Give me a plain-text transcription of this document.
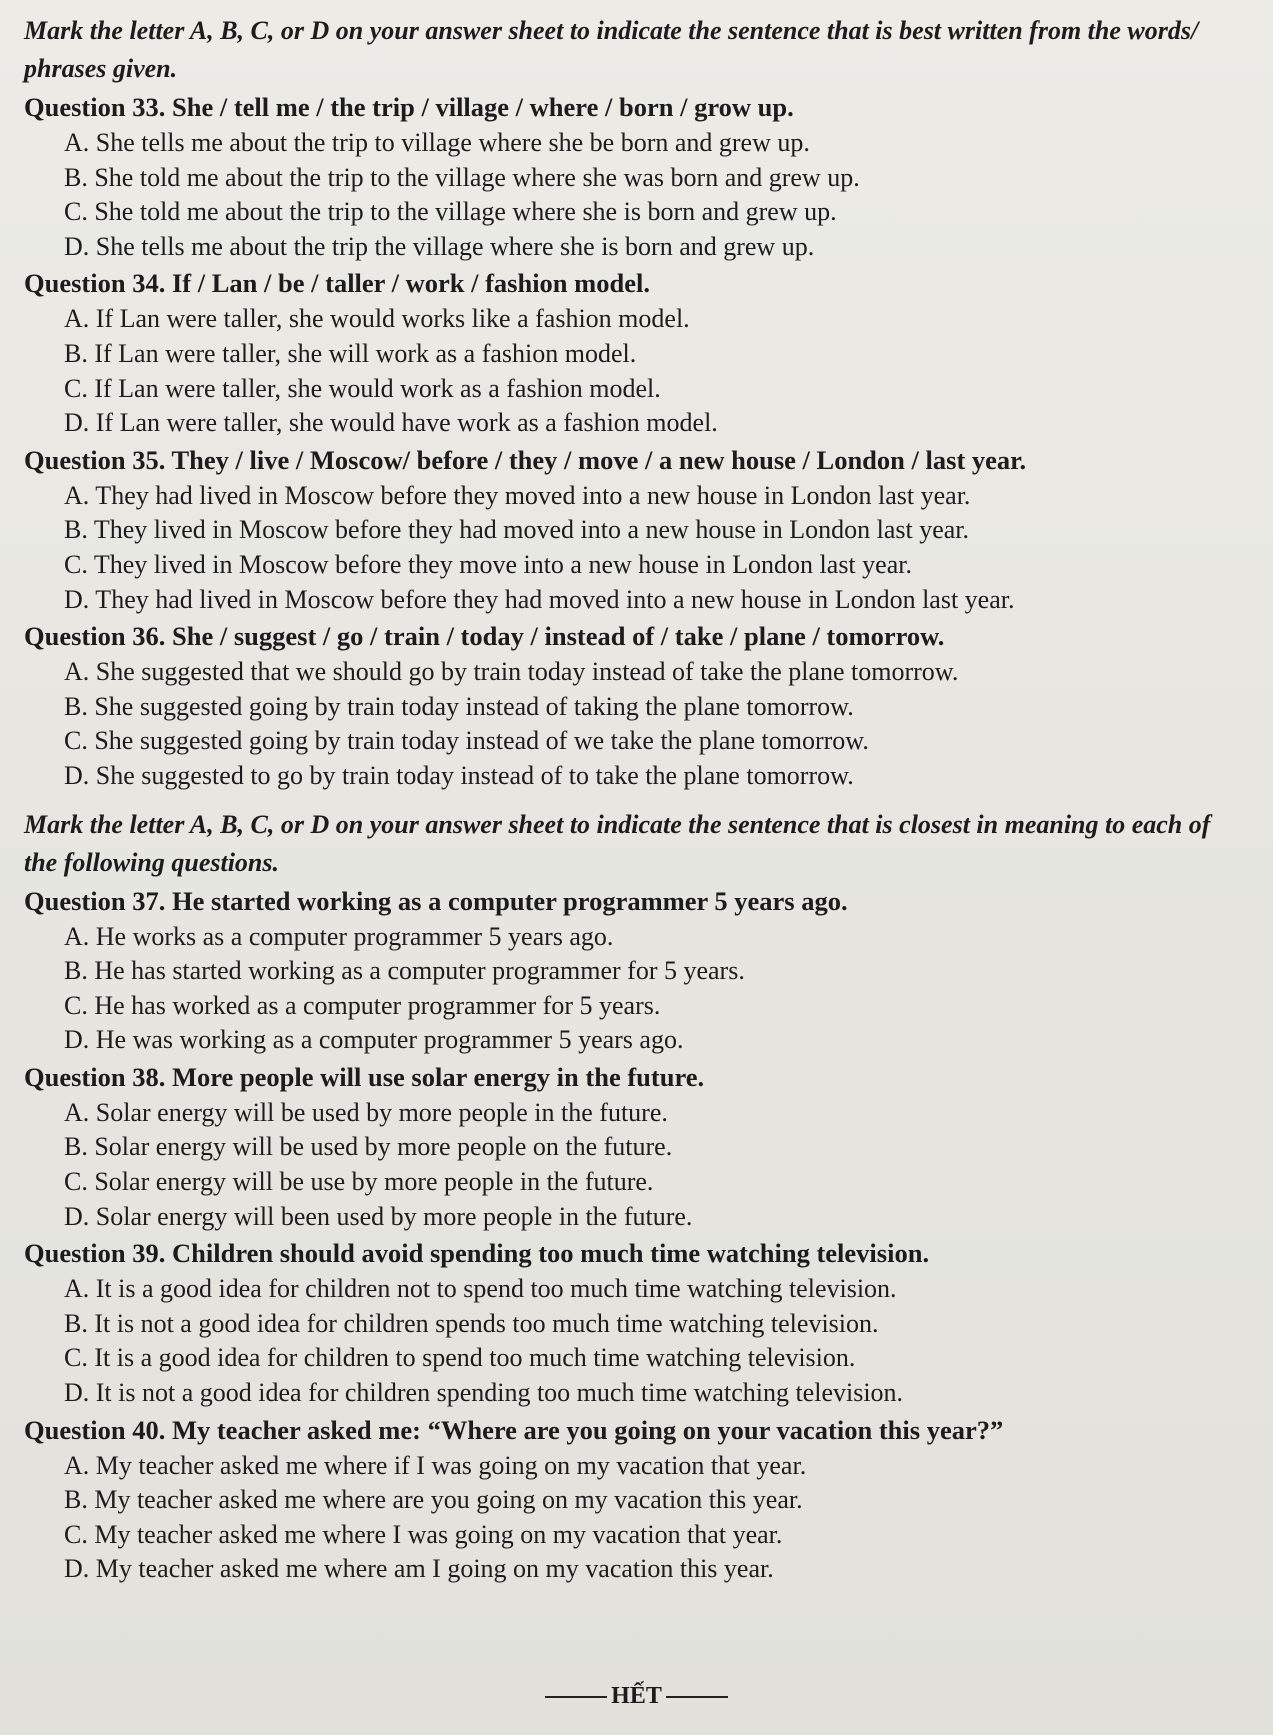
Mark the letter A, B, C, or D on your answer sheet to indicate the sentence that is best written from the words/ phrases given.

Question 33. She / tell me / the trip / village / where / born / grow up.

A. She tells me about the trip to village where she be born and grew up.

B. She told me about the trip to the village where she was born and grew up.

C. She told me about the trip to the village where she is born and grew up.

D. She tells me about the trip the village where she is born and grew up.

Question 34. If / Lan / be / taller / work / fashion model.

A. If Lan were taller, she would works like a fashion model.

B. If Lan were taller, she will work as a fashion model.

C. If Lan were taller, she would work as a fashion model.

D. If Lan were taller, she would have work as a fashion model.

Question 35. They / live / Moscow/ before / they / move / a new house / London / last year.

A. They had lived in Moscow before they moved into a new house in London last year.

B. They lived in Moscow before they had moved into a new house in London last year.

C. They lived in Moscow before they move into a new house in London last year.

D. They had lived in Moscow before they had moved into a new house in London last year.

Question 36. She / suggest / go / train / today / instead of / take / plane / tomorrow.

A. She suggested that we should go by train today instead of take the plane tomorrow.

B. She suggested going by train today instead of taking the plane tomorrow.

C. She suggested going by train today instead of we take the plane tomorrow.

D. She suggested to go by train today instead of to take the plane tomorrow.

Mark the letter A, B, C, or D on your answer sheet to indicate the sentence that is closest in meaning to each of the following questions.

Question 37. He started working as a computer programmer 5 years ago.

A. He works as a computer programmer 5 years ago.

B. He has started working as a computer programmer for 5 years.

C. He has worked as a computer programmer for 5 years.

D. He was working as a computer programmer 5 years ago.

Question 38. More people will use solar energy in the future.

A. Solar energy will be used by more people in the future.

B. Solar energy will be used by more people on the future.

C. Solar energy will be use by more people in the future.

D. Solar energy will been used by more people in the future.

Question 39. Children should avoid spending too much time watching television.

A. It is a good idea for children not to spend too much time watching television.

B. It is not a good idea for children spends too much time watching television.

C. It is a good idea for children to spend too much time watching television.

D. It is not a good idea for children spending too much time watching television.

Question 40. My teacher asked me: “Where are you going on your vacation this year?”

A. My teacher asked me where if I was going on my vacation that year.

B. My teacher asked me where are you going on my vacation this year.

C. My teacher asked me where I was going on my vacation that year.

D. My teacher asked me where am I going on my vacation this year.

HẾT
